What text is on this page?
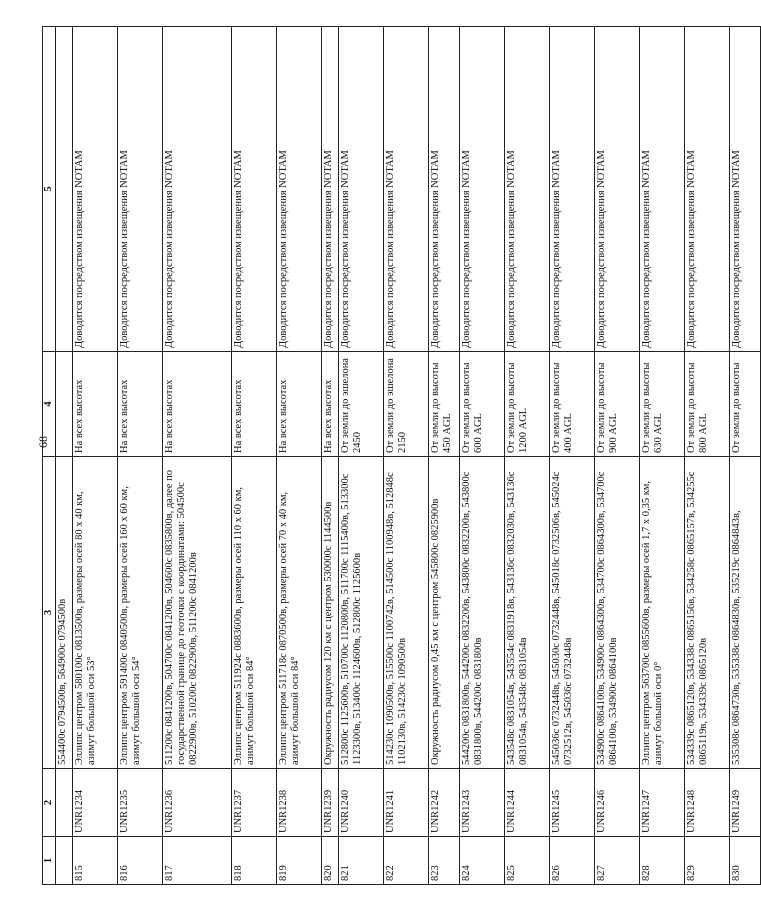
68
1	2	3	4	5
		554400с 0794500в, 564900с 0794500в		
815	UNR1234	Эллипс центром 580100с 0813500в, размеры осей 80 х 40 км, азимут большой оси 53°	На всех высотах	Доводится посредством извещения NOTAM
816	UNR1235	Эллипс центром 591400с 0840500в, размеры осей 160 х 60 км, азимут большой оси 54°	На всех высотах	Доводится посредством извещения NOTAM
817	UNR1236	511200с 0841200в, 504700с 0841200в, 504600с 0835800в, далее по государственной границе до геоточки с координатами: 504500с 0822900в, 510200с 0822900в, 511200с 0841200в	На всех высотах	Доводится посредством извещения NOTAM
818	UNR1237	Эллипс центром 511924с 0883600в, размеры осей 110 х 60 км, азимут большой оси 84°	На всех высотах	Доводится посредством извещения NOTAM
819	UNR1238	Эллипс центром 511718с 0870500в, размеры осей 70 х 40 км, азимут большой оси 84°	На всех высотах	Доводится посредством извещения NOTAM
820	UNR1239	Окружность радиусом 120 км с центром 530000с 1144500в	На всех высотах	Доводится посредством извещения NOTAM
821	UNR1240	512800с 1125600в, 510700с 1120800в, 511700с 1115400в, 513300с 1123300в, 513400с 1124600в, 512800с 1125600в	От земли до эшелона 2450	Доводится посредством извещения NOTAM
822	UNR1241	514230с 1090500в, 515500с 1100742в, 514500с 1100948в, 512848с 1102130в, 514230с 1090500в	От земли до эшелона 2150	Доводится посредством извещения NOTAM
823	UNR1242	Окружность радиусом 0,45 км с центром 545800с 0825900в	От земли до высоты 450 AGL	Доводится посредством извещения NOTAM
824	UNR1243	544200с 0831800в, 544200с 0832200в, 543800с 0832200в, 543800с 0831800в, 544200с 0831800в	От земли до высоты 600 AGL	Доводится посредством извещения NOTAM
825	UNR1244	543548с 0831054в, 543554с 0831918в, 543136с 0832030в, 543136с 0831054в, 543548с 0831054в	От земли до высоты 1200 AGL	Доводится посредством извещения NOTAM
826	UNR1245	545036с 0732448в, 545030с 0732448в, 545018с 0732506в, 545024с 0732512в, 545036с 0732448в	От земли до высоты 400 AGL	Доводится посредством извещения NOTAM
827	UNR1246	534900с 0864100в, 534900с 0864300в, 534700с 0864300в, 534700с 0864100в, 534900с 0864100в	От земли до высоты 900 AGL	Доводится посредством извещения NOTAM
828	UNR1247	Эллипс центром 563700с 0855600в, размеры осей 1,7 х 0,35 км, азимут большой оси 0°	От земли до высоты 630 AGL	Доводится посредством извещения NOTAM
829	UNR1248	534339с 0865120в, 534338с 0865156в, 534258с 0865157в, 534255с 0865119в, 534339с 0865120в	От земли до высоты 800 AGL	Доводится посредством извещения NOTAM
830	UNR1249	535308с 0864730в, 535338с 0864830в, 535219с 0864843в,	От земли до высоты	Доводится посредством извещения NOTAM
